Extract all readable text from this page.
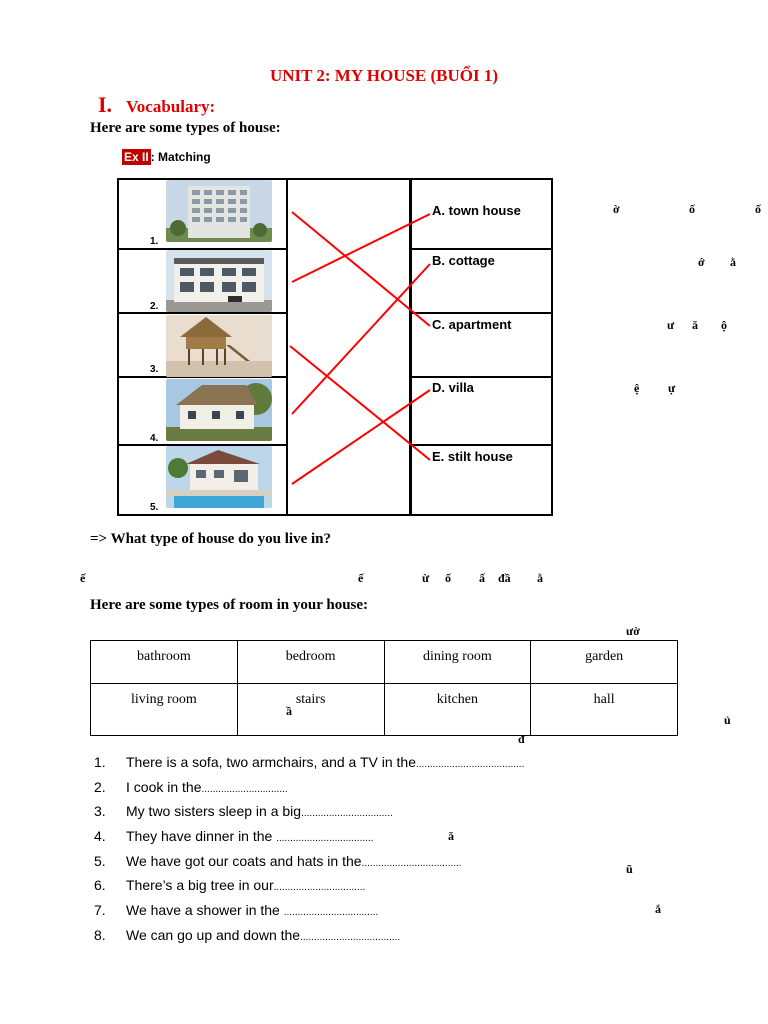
UNIT 2: MY HOUSE (BUỔI 1)
I. Vocabulary:
Here are some types of house:
Ex II : Matching
1.
2.
3.
4.
5.
A. town house
B. cottage
C. apartment
D. villa
E. stilt house
ờ	ố	ố
ớ ằ
ư ă ộ
ệ ự
=> What type of house do you live in?
ế	ế	ừ ố ấ đầ ằ
Here are some types of room in your house:
ườ
bathroom	bedroom	dining room	garden
living room	stairs	kitchen	hall
ầ
ủ
đ
1. There is a sofa, two armchairs, and a TV in the.......................................
2. I cook in the...............................
3. My two sisters sleep in a big.................................
4. They have dinner in the ...................................
5. We have got our coats and hats in the....................................
6. There’s a big tree in our.................................
7. We have a shower in the ..................................
8. We can go up and down the....................................
ă
ũ
ắ
